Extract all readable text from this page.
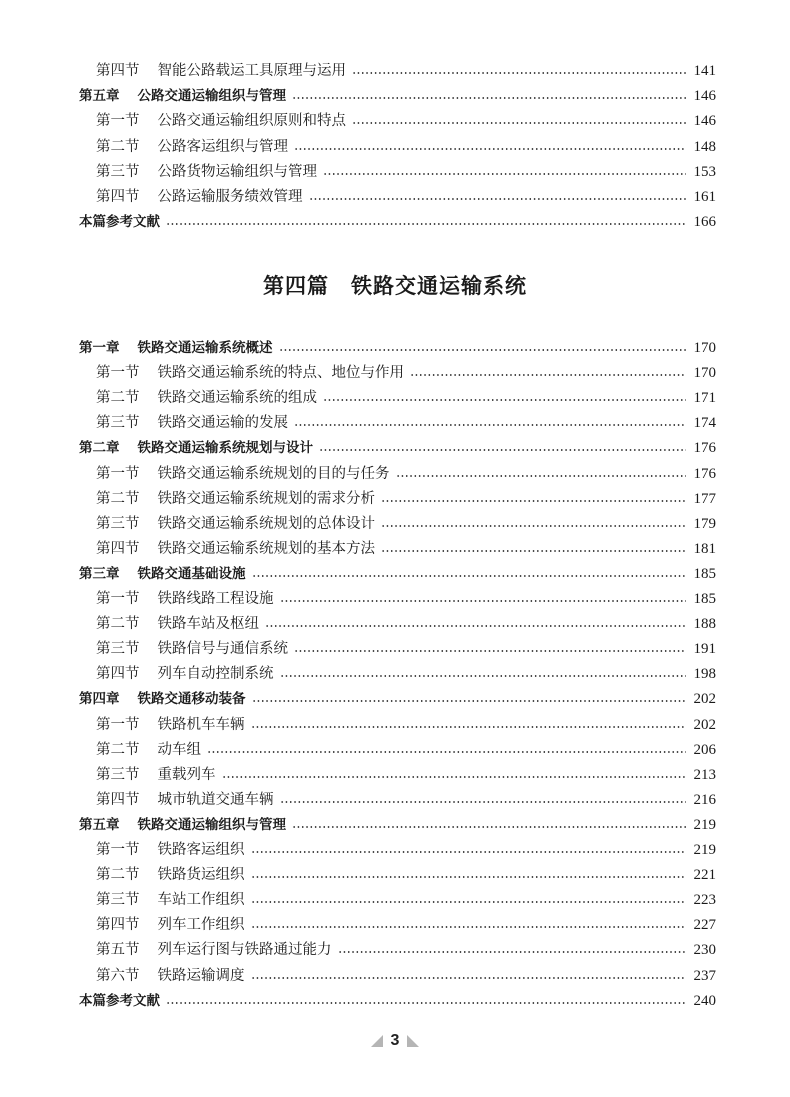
第四节 智能公路载运工具原理与运用	141
第五章 公路交通运输组织与管理	146
第一节 公路交通运输组织原则和特点	146
第二节 公路客运组织与管理	148
第三节 公路货物运输组织与管理	153
第四节 公路运输服务绩效管理	161
本篇参考文献	166
第四篇 铁路交通运输系统
第一章 铁路交通运输系统概述	170
第一节 铁路交通运输系统的特点、地位与作用	170
第二节 铁路交通运输系统的组成	171
第三节 铁路交通运输的发展	174
第二章 铁路交通运输系统规划与设计	176
第一节 铁路交通运输系统规划的目的与任务	176
第二节 铁路交通运输系统规划的需求分析	177
第三节 铁路交通运输系统规划的总体设计	179
第四节 铁路交通运输系统规划的基本方法	181
第三章 铁路交通基础设施	185
第一节 铁路线路工程设施	185
第二节 铁路车站及枢纽	188
第三节 铁路信号与通信系统	191
第四节 列车自动控制系统	198
第四章 铁路交通移动装备	202
第一节 铁路机车车辆	202
第二节 动车组	206
第三节 重载列车	213
第四节 城市轨道交通车辆	216
第五章 铁路交通运输组织与管理	219
第一节 铁路客运组织	219
第二节 铁路货运组织	221
第三节 车站工作组织	223
第四节 列车工作组织	227
第五节 列车运行图与铁路通过能力	230
第六节 铁路运输调度	237
本篇参考文献	240
3
